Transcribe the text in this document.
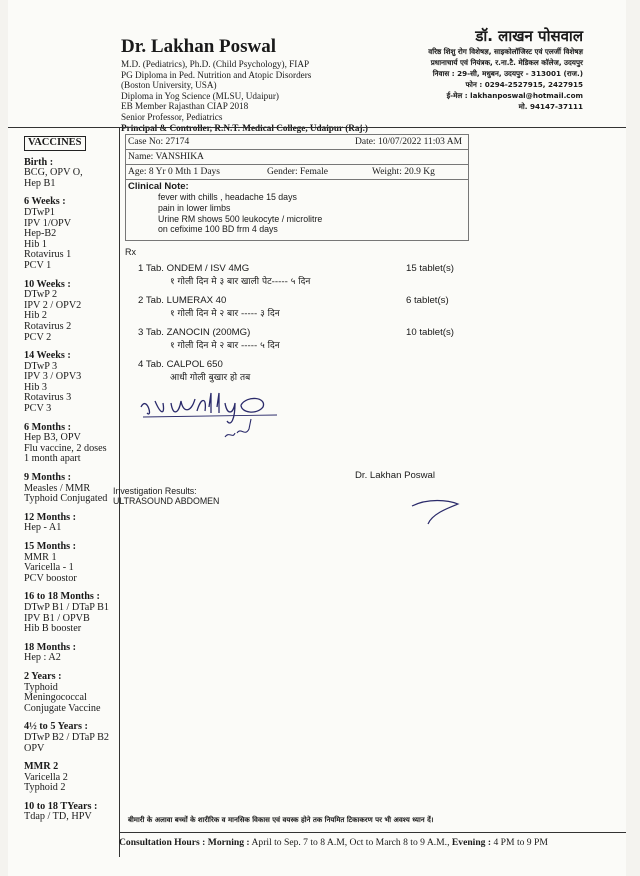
Dr. Lakhan Poswal
M.D. (Pediatrics), Ph.D. (Child Psychology), FIAP
PG Diploma in Ped. Nutrition and Atopic Disorders
(Boston University, USA)
Diploma in Yog Science (MLSU, Udaipur)
EB Member Rajasthan CIAP 2018
Senior Professor, Pediatrics
Principal & Controller, R.N.T. Medical College, Udaipur (Raj.)
डॉ. लाखन पोसवाल
वरिष्ठ शिशु रोग विशेषज्ञ, साइकोलॉजिस्ट एवं एलर्जी विशेषज्ञ
प्रधानाचार्य एवं नियंत्रक, र.ना.टै. मेडिकल कॉलेज, उदयपुर
निवास : 29-सी, मधुबन, उदयपुर - 313001 (राज.)
फोन : 0294-2527915, 2427915
ई-मेल : lakhanposwal@hotmail.com
मो. 94147-37111
VACCINES
Birth :
BCG, OPV O,
Hep B1
6 Weeks :
DTwP1
IPV 1/OPV
Hep-B2
Hib 1
Rotavirus 1
PCV 1
10 Weeks :
DTwP 2
IPV 2 / OPV2
Hib 2
Rotavirus 2
PCV 2
14 Weeks :
DTwP 3
IPV 3 / OPV3
Hib 3
Rotavirus 3
PCV 3
6 Months :
Hep B3, OPV
Flu vaccine, 2 doses
1 month apart
9 Months :
Measles / MMR
Typhoid Conjugated
12 Months :
Hep - A1
15 Months :
MMR 1
Varicella - 1
PCV boostor
16 to 18 Months :
DTwP B1 / DTaP B1
IPV B1 / OPVB
Hib B booster
18 Months :
Hep : A2
2 Years :
Typhoid
Meningococcal
Conjugate Vaccine
4½ to 5 Years :
DTwP B2 / DTaP B2
OPV
MMR 2
Varicella 2
Typhoid 2
10 to 18 TYears :
Tdap / TD, HPV
Case No: 27174	Date: 10/07/2022 11:03 AM
Name: VANSHIKA
Age: 8 Yr 0 Mth 1 Days	Gender: Female	Weight: 20.9 Kg
Clinical Note:
fever with chills , headache 15 days
pain in lower limbs
Urine RM shows 500 leukocyte / microlitre
on cefixime 100 BD frm 4 days
Rx
1 Tab. ONDEM / ISV 4MG	15 tablet(s)
१ गोली दिन मे ३ बार खाली पेट----- ५ दिन
2 Tab. LUMERAX 40	6 tablet(s)
१ गोली दिन मे २ बार ----- ३ दिन
3 Tab. ZANOCIN (200MG)	10 tablet(s)
१ गोली दिन मे २ बार ----- ५ दिन
4 Tab. CALPOL 650
आधी गोली बुखार हो तब
Dr. Lakhan Poswal
Investigation Results:
ULTRASOUND ABDOMEN
बीमारी के अलावा बच्चों के शारीरिक व मानसिक विकास एवं वयस्क होने तक नियमित टिकाकरण पर भी अवश्य ध्यान दें।
Consultation Hours : Morning : April to Sep. 7 to 8 A.M, Oct to March 8 to 9 A.M., Evening : 4 PM to 9 PM
